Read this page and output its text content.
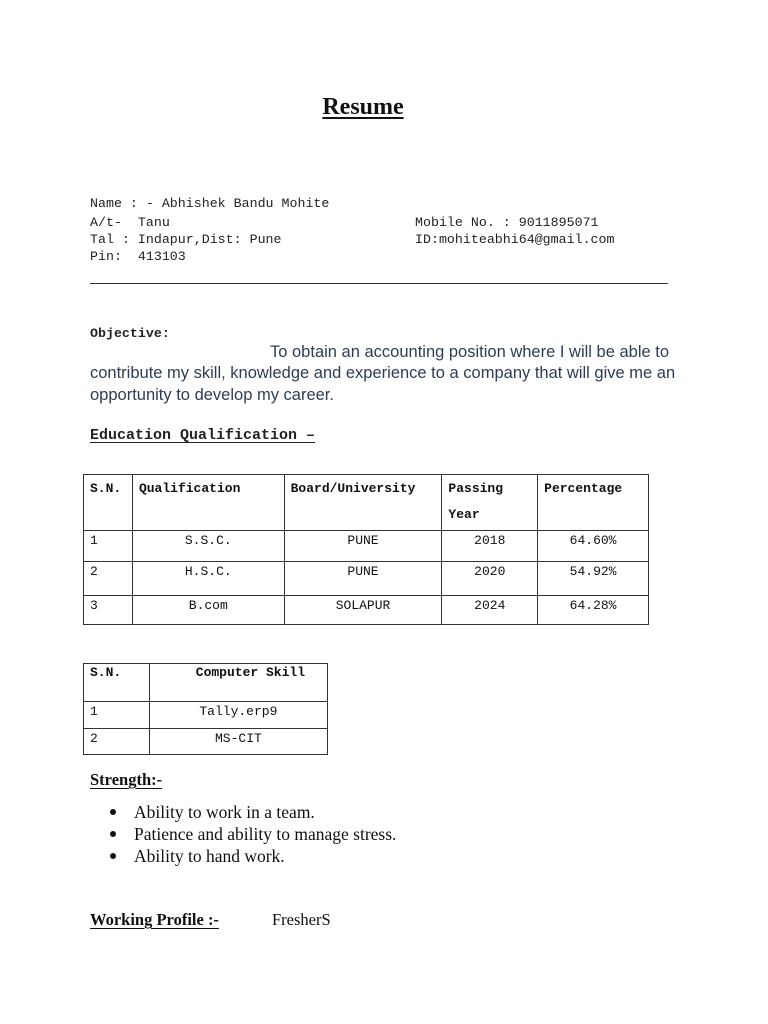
Resume
Name : - Abhishek Bandu Mohite
A/t-  Tanu
Tal : Indapur,Dist: Pune
Pin:  413103
Mobile No. : 9011895071
ID:mohiteabhi64@gmail.com
Objective:
To obtain an accounting position where I will be able to contribute my skill, knowledge and experience to a company that will give me an opportunity to develop my career.
Education Qualification –
S.N.	Qualification	Board/University	Passing Year	Percentage
1	S.S.C.	PUNE	2018	64.60%
2	H.S.C.	PUNE	2020	54.92%
3	B.com	SOLAPUR	2024	64.28%
S.N.	Computer Skill
1	Tally.erp9
2	MS-CIT
Strength:-
Ability to work in a team.
Patience and ability to manage stress.
Ability to hand work.
Working Profile :-	FresherS
